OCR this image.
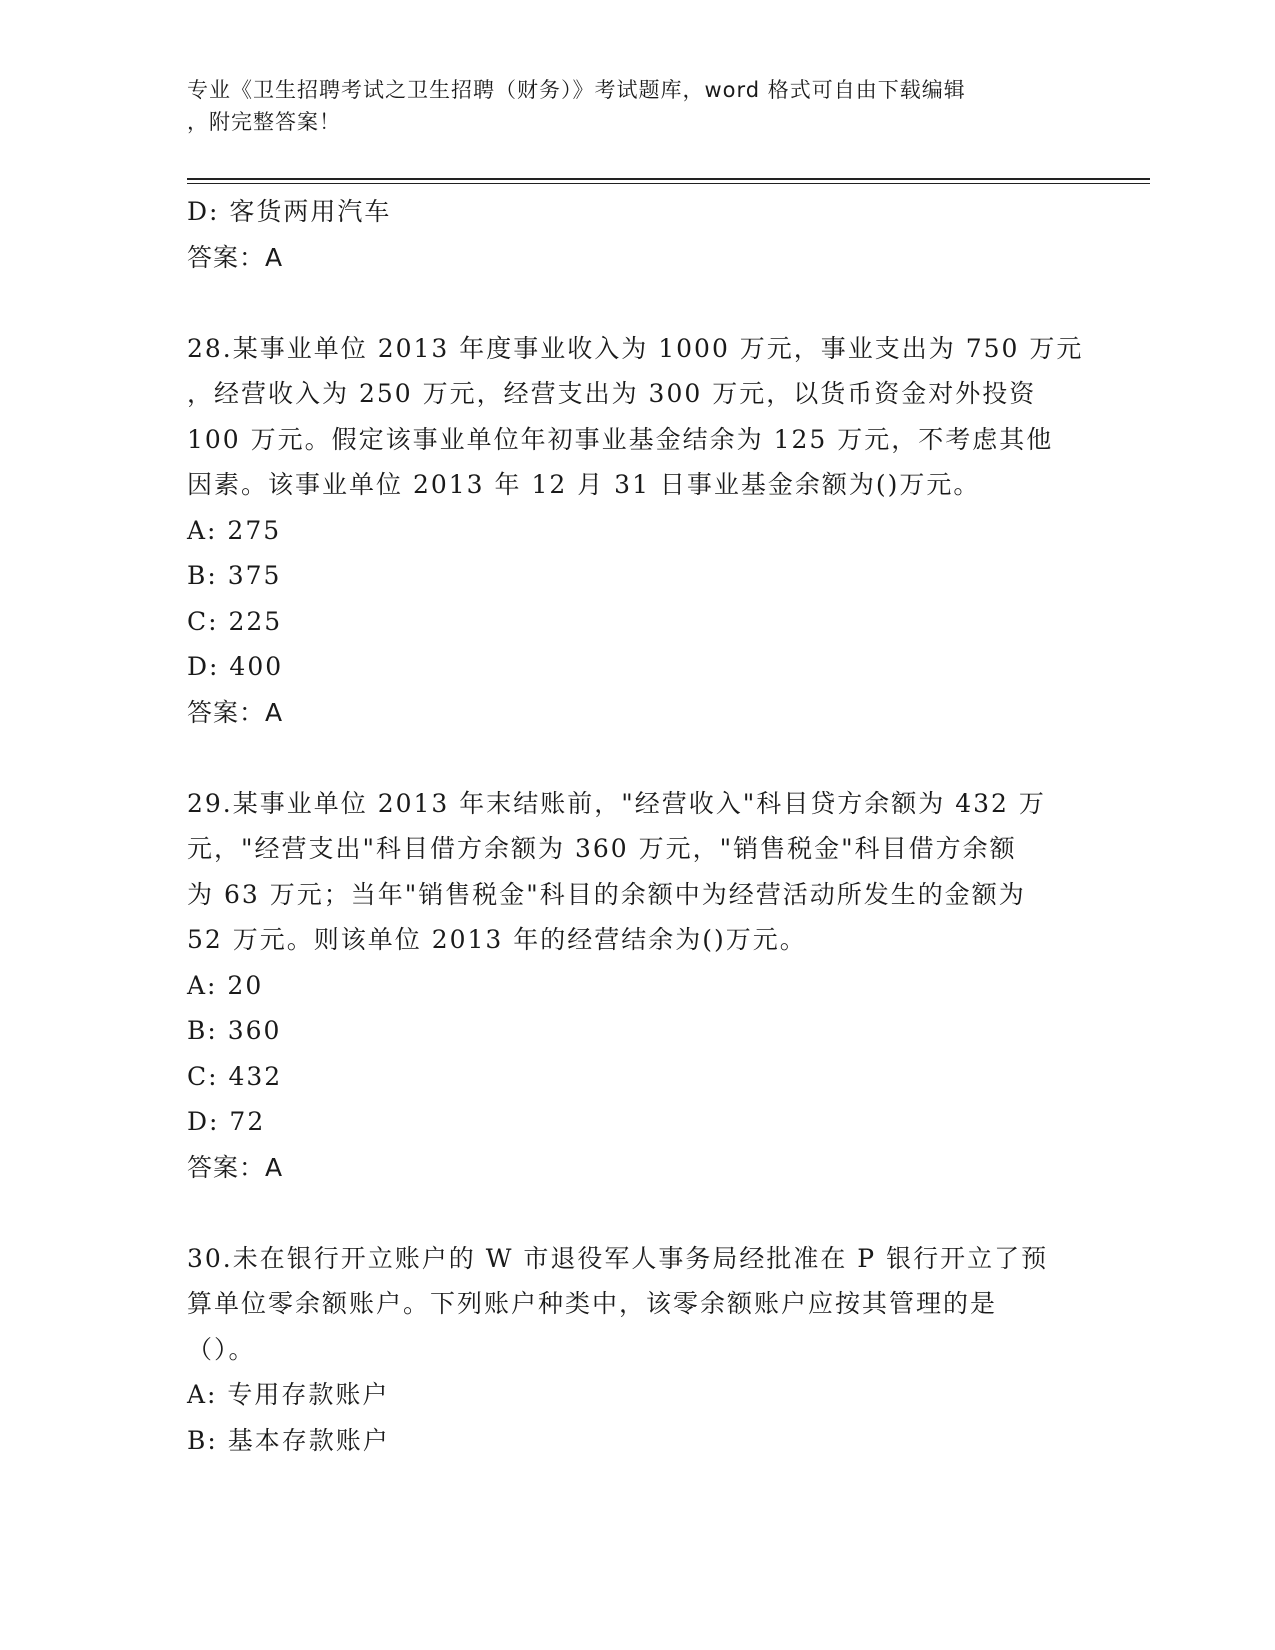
专业《卫生招聘考试之卫生招聘（财务）》考试题库，word 格式可自由下载编辑
，附完整答案！
D: 客货两用汽车
答案：A
28.某事业单位 2013 年度事业收入为 1000 万元，事业支出为 750 万元
，经营收入为 250 万元，经营支出为 300 万元，以货币资金对外投资
100 万元。假定该事业单位年初事业基金结余为 125 万元，不考虑其他
因素。该事业单位 2013 年 12 月 31 日事业基金余额为()万元。
A: 275
B: 375
C: 225
D: 400
答案：A
29.某事业单位 2013 年末结账前，"经营收入"科目贷方余额为 432 万
元，"经营支出"科目借方余额为 360 万元，"销售税金"科目借方余额
为 63 万元；当年"销售税金"科目的余额中为经营活动所发生的金额为
52 万元。则该单位 2013 年的经营结余为()万元。
A: 20
B: 360
C: 432
D: 72
答案：A
30.未在银行开立账户的 W 市退役军人事务局经批准在 P 银行开立了预
算单位零余额账户。下列账户种类中，该零余额账户应按其管理的是
（）。
A: 专用存款账户
B: 基本存款账户
